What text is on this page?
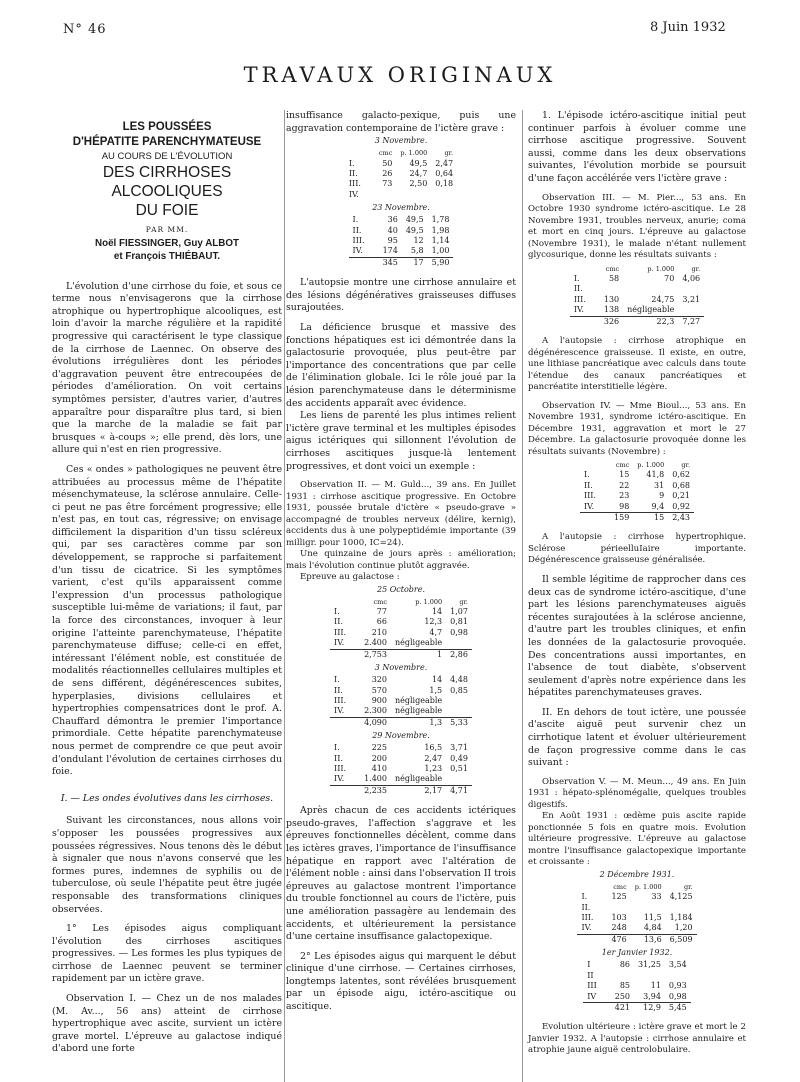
N° 46	8 Juin 1932
TRAVAUX ORIGINAUX
LES POUSSÉES
D'HÉPATITE PARENCHYMATEUSE
AU COURS DE L'ÉVOLUTION
DES CIRRHOSES ALCOOLIQUES
DU FOIE
PAR MM.
Noël FIESSINGER, Guy ALBOT
et François THIÉBAUT.

L'évolution d'une cirrhose du foie, et sous ce terme nous n'envisagerons que la cirrhose atrophique ou hypertrophique alcooliques, est loin d'avoir la marche régulière et la rapidité progressive qui caractérisent le type classique de la cirrhose de Laennec. On observe des évolutions irrégulières dont les périodes d'aggravation peuvent être entrecoupées de périodes d'amélioration. On voit certains symptômes persister, d'autres varier, d'autres apparaître pour disparaître plus tard, si bien que la marche de la maladie se fait par brusques « à-coups »; elle prend, dès lors, une allure qui n'est en rien progressive.

Ces « ondes » pathologiques ne peuvent être attribuées au processus même de l'hépatite mésenchymateuse, la sclérose annulaire. Celle-ci peut ne pas être forcément progressive; elle n'est pas, en tout cas, régressive; on envisage difficilement la disparition d'un tissu scléreux qui, par ses caractères comme par son développement, se rapproche si parfaitement d'un tissu de cicatrice. Si les symptômes varient, c'est qu'ils apparaissent comme l'expression d'un processus pathologique susceptible lui-même de variations; il faut, par la force des circonstances, invoquer à leur origine l'atteinte parenchymateuse, l'hépatite parenchymateuse diffuse; celle-ci en effet, intéressant l'élément noble, est constituée de modalités réactionnelles cellulaires multiples et de sens différent, dégénérescences subites, hyperplasies, divisions cellulaires et hypertrophies compensatrices dont le prof. A. Chauffard démontra le premier l'importance primordiale. Cette hépatite parenchymateuse nous permet de comprendre ce que peut avoir d'ondulant l'évolution de certaines cirrhoses du foie.

I. — Les ondes évolutives dans les cirrhoses.

Suivant les circonstances, nous allons voir s'opposer les poussées progressives aux poussées régressives. Nous tenons dès le début à signaler que nous n'avons conservé que les formes pures, indemnes de syphilis ou de tuberculose, où seule l'hépatite peut être jugée responsable des transformations cliniques observées.

1° Les épisodes aigus compliquant l'évolution des cirrhoses ascitiques progressives. — Les formes les plus typiques de cirrhose de Laennec peuvent se terminer rapidement par un ictère grave.

Observation I. — Chez un de nos malades (M. Av..., 56 ans) atteint de cirrhose hypertrophique avec ascite, survient un ictère grave mortel. L'épreuve au galactose indiqué d'abord une forte

insuffisance galacto-pexique, puis une aggravation contemporaine de l'ictère grave :

3 Novembre.
	cmc	p. 1.000	gr.
I.	50	49,5	2,47
II.	26	24,7	0,64
III.	73	2,50	0,18
IV.			
23 Novembre.
I.	36	49,5	1,78
II.	40	49,5	1,98
III.	95	12	1,14
IV.	174	5,8	1,00
	345	17	5,90

L'autopsie montre une cirrhose annulaire et des lésions dégénératives graisseuses diffuses surajoutées.

La déficience brusque et massive des fonctions hépatiques est ici démontrée dans la galactosurie provoquée, plus peut-être par l'importance des concentrations que par celle de l'élimination globale. Ici le rôle joué par la lésion parenchymateuse dans le déterminisme des accidents apparaît avec évidence.

Les liens de parenté les plus intimes relient l'ictère grave terminal et les multiples épisodes aigus ictériques qui sillonnent l'évolution de cirrhoses ascitiques jusque-là lentement progressives, et dont voici un exemple :

Observation II. — M. Guld..., 39 ans. En Juillet 1931 : cirrhose ascitique progressive. En Octobre 1931, poussée brutale d'ictère « pseudo-grave » accompagné de troubles nerveux (délire, kernig), accidents dus à une polypeptidémie importante (39 milligr. pour 1000, IC=24).

Une quinzaine de jours après : amélioration; mais l'évolution continue plutôt aggravée.

Epreuve au galactose :

25 Octobre.
	cmc	p. 1.000	gr.
I.	77	14	1,07
II.	66	12,3	0,81
III.	210	4,7	0,98
IV.	2.400	négligeable	
	2,753	1	2,86
3 Novembre.
I.	320	14	4,48
II.	570	1,5	0,85
III.	900	négligeable	
IV.	2.300	négligeable	
	4,090	1,3	5,33
29 Novembre.
I.	225	16,5	3,71
II.	200	2,47	0,49
III.	410	1,23	0,51
IV.	1.400	négligeable	
	2,235	2,17	4,71

Après chacun de ces accidents ictériques pseudo-graves, l'affection s'aggrave et les épreuves fonctionnelles décèlent, comme dans les ictères graves, l'importance de l'insuffisance hépatique en rapport avec l'altération de l'élément noble : ainsi dans l'observation II trois épreuves au galactose montrent l'importance du trouble fonctionnel au cours de l'ictère, puis une amélioration passagère au lendemain des accidents, et ultérieurement la persistance d'une certaine insuffisance galactopexique.

2° Les épisodes aigus qui marquent le début clinique d'une cirrhose. — Certaines cirrhoses, longtemps latentes, sont révélées brusquement par un épisode aigu, ictéro-ascitique ou ascitique.

1. L'épisode ictéro-ascitique initial peut continuer parfois à évoluer comme une cirrhose ascitique progressive. Souvent aussi, comme dans les deux observations suivantes, l'évolution morbide se poursuit d'une façon accélérée vers l'ictère grave :

Observation III. — M. Pier..., 53 ans. En Octobre 1930 syndrome ictéro-ascitique. Le 28 Novembre 1931, troubles nerveux, anurie; coma et mort en cinq jours. L'épreuve au galactose (Novembre 1931), le malade n'étant nullement glycosurique, donne les résultats suivants :

	cmc	p. 1.000	gr.
I.	58	70	4,06
II.			
III.	130	24,75	3,21
IV.	138	négligeable	
	326	22,3	7,27

A l'autopsie : cirrhose atrophique en dégénérescence graisseuse. Il existe, en outre, une lithiase pancréatique avec calculs dans toute l'étendue des canaux pancréatiques et pancréatite interstitielle légère.

Observation IV. — Mme Bioul..., 53 ans. En Novembre 1931, syndrome ictéro-ascitique. En Décembre 1931, aggravation et mort le 27 Décembre. La galactosurie provoquée donne les résultats suivants (Novembre) :

	cmc	p. 1.000	gr.
I.	15	41,8	0,62
II.	22	31	0,68
III.	23	9	0,21
IV.	98	9,4	0,92
	159	15	2,43

A l'autopsie : cirrhose hypertrophique. Sclérose périeelluIaire importante. Dégénérescence graisseuse généralisée.

Il semble légitime de rapprocher dans ces deux cas de syndrome ictéro-ascitique, d'une part les lésions parenchymateuses aiguës récentes surajoutées à la sclérose ancienne, d'autre part les troubles cliniques, et enfin les données de la galactosurie provoquée. Des concentrations aussi importantes, en l'absence de tout diabète, s'observent seulement d'après notre expérience dans les hépatites parenchymateuses graves.

II. En dehors de tout ictère, une poussée d'ascite aiguë peut survenir chez un cirrhotique latent et évoluer ultérieurement de façon progressive comme dans le cas suivant :

Observation V. — M. Meun..., 49 ans. En Juin 1931 : hépato-splénomégalie, quelques troubles digestifs.

En Août 1931 : œdème puis ascite rapide ponctionnée 5 fois en quatre mois. Evolution ultérieure progressive. L'épreuve au galactose montre l'insuffisance galactopexique importante et croissante :

2 Décembre 1931.
	cmc	p. 1.000	gr.
I.	125	33	4,125
II.			
III.	103	11,5	1,184
IV.	248	4,84	1,20
	476	13,6	6,509
1er Janvier 1932.
I	86	31,25	3,54
II			
III	85	11	0,93
IV	250	3,94	0,98
	421	12,9	5,45

Evolution ultérieure : ictère grave et mort le 2 Janvier 1932. A l'autopsie : cirrhose annulaire et atrophie jaune aiguë centrolobulaire.
